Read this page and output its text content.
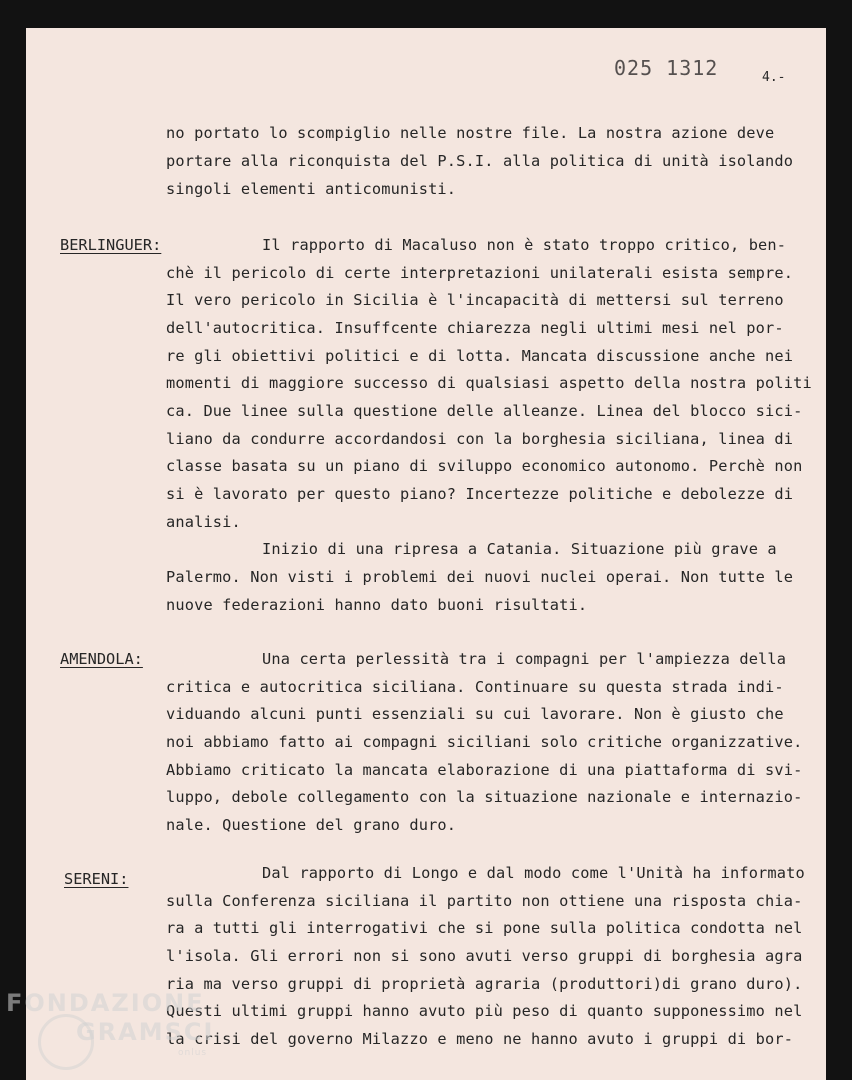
025 1312	4.-
no portato lo scompiglio nelle nostre file. La nostra azione deve
portare alla riconquista del P.S.I. alla politica di unità isolando
singoli elementi anticomunisti.
BERLINGUER:	Il rapporto di Macaluso non è stato troppo critico, ben-
chè il pericolo di certe interpretazioni unilaterali esista sempre.
Il vero pericolo in Sicilia è l'incapacità di mettersi sul terreno
dell'autocritica. Insuffcente chiarezza negli ultimi mesi nel por-
re gli obiettivi politici e di lotta. Mancata discussione anche nei
momenti di maggiore successo di qualsiasi aspetto della nostra politi
ca. Due linee sulla questione delle alleanze. Linea del blocco sici-
liano da condurre accordandosi con la borghesia siciliana, linea di
classe basata su un piano di sviluppo economico autonomo. Perchè non
si è lavorato per questo piano? Incertezze politiche e debolezze di
analisi.
Inizio di una ripresa a Catania. Situazione più grave a
Palermo. Non visti i problemi dei nuovi nuclei operai. Non tutte le
nuove federazioni hanno dato buoni risultati.
AMENDOLA:	Una certa perlessità tra i compagni per l'ampiezza della
critica e autocritica siciliana. Continuare su questa strada indi-
viduando alcuni punti essenziali su cui lavorare. Non è giusto che
noi abbiamo fatto ai compagni siciliani solo critiche organizzative.
Abbiamo criticato la mancata elaborazione di una piattaforma di svi-
luppo, debole collegamento con la situazione nazionale e internazio-
nale. Questione del grano duro.
SERENI:	Dal rapporto di Longo e dal modo come l'Unità ha informato
sulla Conferenza siciliana il partito non ottiene una risposta chia-
ra a tutti gli interrogativi che si pone sulla politica condotta nel
l'isola. Gli errori non si sono avuti verso gruppi di borghesia agra
ria ma verso gruppi di proprietà agraria (produttori)di grano duro).
Questi ultimi gruppi hanno avuto più peso di quanto supponessimo nel
la crisi del governo Milazzo e meno ne hanno avuto i gruppi di bor-
FONDAZIONE
GRAMSCI
onlus
